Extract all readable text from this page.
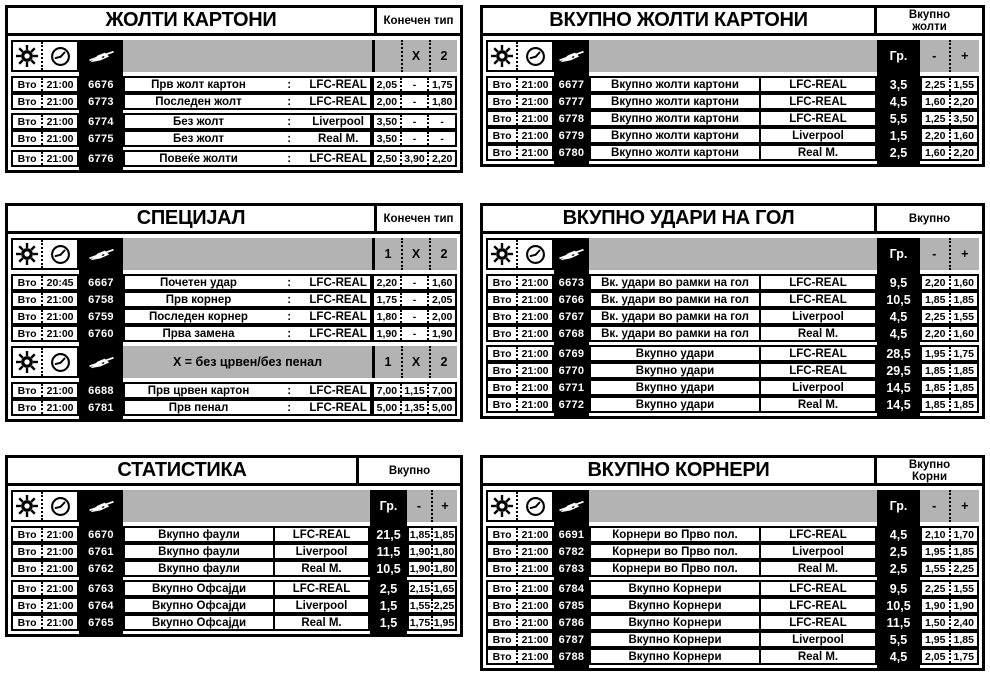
ЖОЛТИ КАРТОНИ	Конечен тип
X	2
Вто 21:00	6676	Прв жолт картон	:	LFC-REAL 2,05	-	1,75
Вто 21:00	6773	Последен жолт	:	LFC-REAL 2,00	-	1,80
Вто 21:00	6774	Без жолт	:	Liverpool	3,50	-	-
Вто 21:00	6775	Без жолт	:	Real M.	3,50	-	-
Вто 21:00	6776	Повеќе жолти	:	LFC-REAL 2,50 3,90 2,20
ВКУПНО ЖОЛТИ КАРТОНИ	Вкупно
жолти
Гр.	-	+
Вто 21:00 6677	Вкупно жолти картони	LFC-REAL	3,5	2,25 1,55
Вто 21:00 6777	Вкупно жолти картони	LFC-REAL	4,5	1,60 2,20
Вто 21:00 6778	Вкупно жолти картони	LFC-REAL	5,5	1,25 3,50
Вто 21:00 6779	Вкупно жолти картони	Liverpool	1,5	2,20 1,60
Вто 21:00 6780	Вкупно жолти картони	Real M.	2,5	1,60 2,20
СПЕЦИЈАЛ	Конечен тип
1	X	2
Вто 20:45	6667	Почетен удар	:	LFC-REAL 2,20	-	1,60
Вто 21:00	6758	Прв корнер	:	LFC-REAL 1,75	-	2,05
Вто 21:00	6759	Последен корнер	:	LFC-REAL 1,80	-	2,00
Вто 21:00	6760	Прва замена	:	LFC-REAL 1,90	-	1,90
Х = без црвен/без пенал	1	X	2
Вто 21:00	6688	Прв црвен картон	:	LFC-REAL 7,00 1,15 7,00
Вто 21:00	6781	Прв пенал	:	LFC-REAL 5,00 1,35 5,00
ВКУПНО УДАРИ НА ГОЛ	Вкупно
Гр.	-	+
Вто 21:00 6673	Вк. удари во рамки на гол	LFC-REAL	9,5	2,20 1,60
Вто 21:00 6766	Вк. удари во рамки на гол	LFC-REAL	10,5	1,85 1,85
Вто 21:00 6767	Вк. удари во рамки на гол	Liverpool	4,5	2,25 1,55
Вто 21:00 6768	Вк. удари во рамки на гол	Real M.	4,5	2,20 1,60
Вто 21:00 6769	Вкупно удари	LFC-REAL	28,5	1,95 1,75
Вто 21:00 6770	Вкупно удари	LFC-REAL	29,5	1,85 1,85
Вто 21:00 6771	Вкупно удари	Liverpool	14,5	1,85 1,85
Вто 21:00 6772	Вкупно удари	Real M.	14,5	1,85 1,85
СТАТИСТИКА	Вкупно
Гр.	-	+
Вто 21:00	6670	Вкупно фаули	LFC-REAL	21,5 1,85 1,85
Вто 21:00	6761	Вкупно фаули	Liverpool	11,5 1,90 1,80
Вто 21:00	6762	Вкупно фаули	Real M.	10,5 1,90 1,80
Вто 21:00	6763	Вкупно Офсајди	LFC-REAL	2,5	2,15 1,65
Вто 21:00	6764	Вкупно Офсајди	Liverpool	1,5	1,55 2,25
Вто 21:00	6765	Вкупно Офсајди	Real M.	1,5	1,75 1,95
ВКУПНО КОРНЕРИ	Вкупно
Корни
Гр.	-	+
Вто 21:00 6691	Корнери во Прво пол.	LFC-REAL	4,5	2,10 1,70
Вто 21:00 6782	Корнери во Прво пол.	Liverpool	2,5	1,95 1,85
Вто 21:00 6783	Корнери во Прво пол.	Real M.	2,5	1,55 2,25
Вто 21:00 6784	Вкупно Корнери	LFC-REAL	9,5	2,25 1,55
Вто 21:00 6785	Вкупно Корнери	LFC-REAL	10,5	1,90 1,90
Вто 21:00 6786	Вкупно Корнери	LFC-REAL	11,5	1,50 2,40
Вто 21:00 6787	Вкупно Корнери	Liverpool	5,5	1,95 1,85
Вто 21:00 6788	Вкупно Корнери	Real M.	4,5	2,05 1,75
